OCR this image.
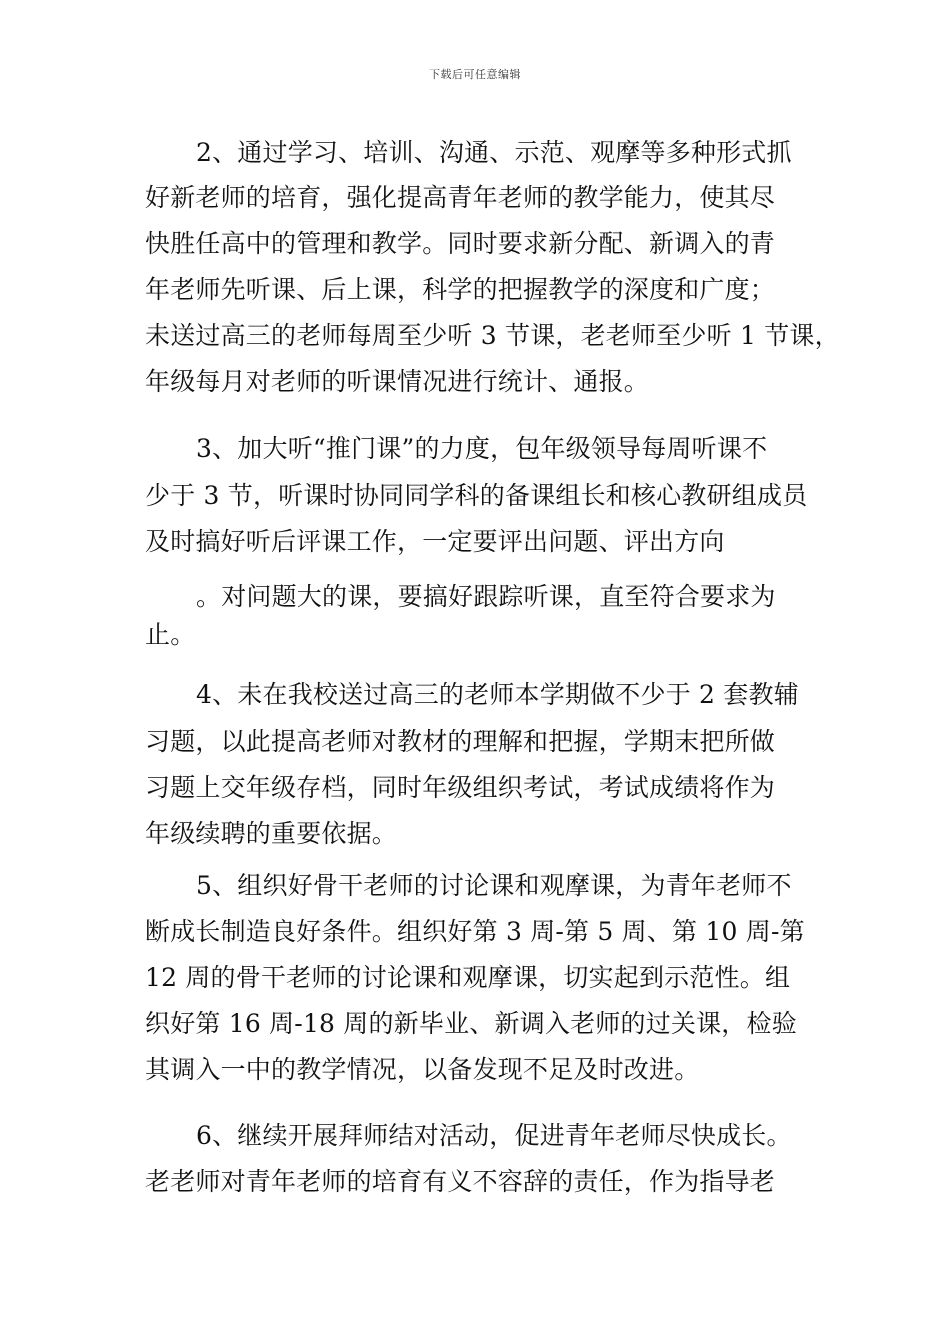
下载后可任意编辑
2、通过学习、培训、沟通、示范、观摩等多种形式抓
好新老师的培育，强化提高青年老师的教学能力，使其尽
快胜任高中的管理和教学。同时要求新分配、新调入的青
年老师先听课、后上课，科学的把握教学的深度和广度；
未送过高三的老师每周至少听 3 节课，老老师至少听 1 节课，
年级每月对老师的听课情况进行统计、通报。
3、加大听“推门课”的力度，包年级领导每周听课不
少于 3 节，听课时协同同学科的备课组长和核心教研组成员
及时搞好听后评课工作，一定要评出问题、评出方向
。对问题大的课，要搞好跟踪听课，直至符合要求为
止。
4、未在我校送过高三的老师本学期做不少于 2 套教辅
习题，以此提高老师对教材的理解和把握，学期末把所做
习题上交年级存档，同时年级组织考试，考试成绩将作为
年级续聘的重要依据。
5、组织好骨干老师的讨论课和观摩课，为青年老师不
断成长制造良好条件。组织好第 3 周-第 5 周、第 10 周-第
12 周的骨干老师的讨论课和观摩课，切实起到示范性。组
织好第 16 周-18 周的新毕业、新调入老师的过关课，检验
其调入一中的教学情况，以备发现不足及时改进。
6、继续开展拜师结对活动，促进青年老师尽快成长。
老老师对青年老师的培育有义不容辞的责任，作为指导老
